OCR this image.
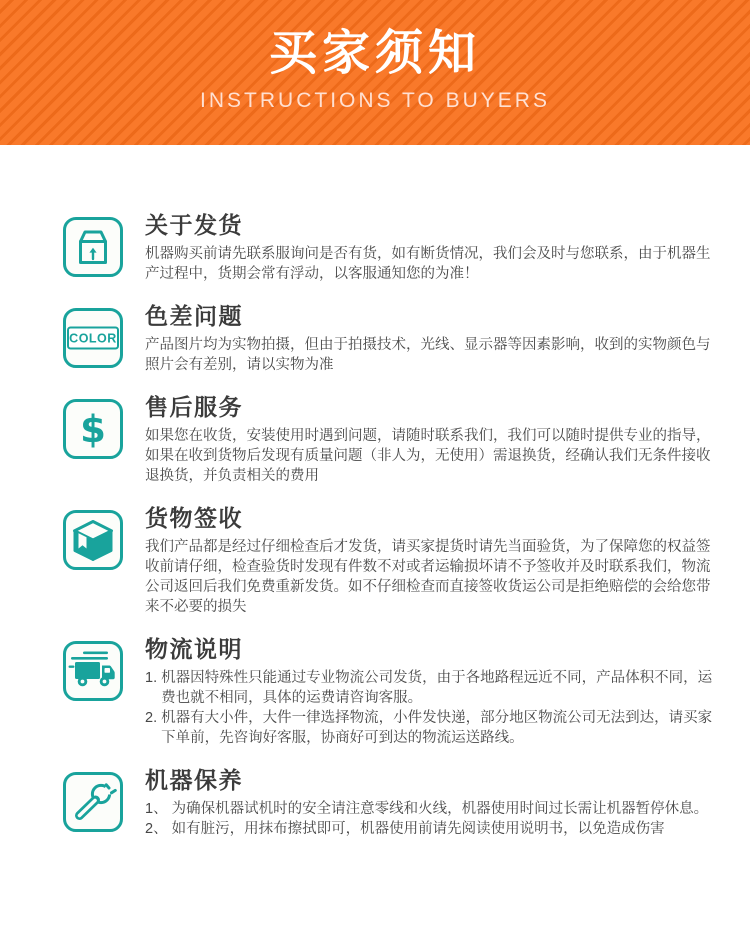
买家须知
INSTRUCTIONS TO BUYERS
关于发货

机器购买前请先联系服询问是否有货，如有断货情况，我们会及时与您联系，由于机器生产过程中，货期会常有浮动，以客服通知您的为准！

COLOR
色差问题

产品图片均为实物拍摄，但由于拍摄技术，光线、显示器等因素影响，收到的实物颜色与照片会有差别，请以实物为准

$
售后服务

如果您在收货，安装使用时遇到问题，请随时联系我们，我们可以随时提供专业的指导，如果在收到货物后发现有质量问题（非人为，无使用）需退换货，经确认我们无条件接收退换货，并负责相关的费用

货物签收

我们产品都是经过仔细检查后才发货，请买家提货时请先当面验货，为了保障您的权益签收前请仔细，检查验货时发现有件数不对或者运输损坏请不予签收并及时联系我们，物流公司返回后我们免费重新发货。如不仔细检查而直接签收货运公司是拒绝赔偿的会给您带来不必要的损失

物流说明
1. 机器因特殊性只能通过专业物流公司发货，由于各地路程远近不同，产品体积不同，运费也就不相同，具体的运费请咨询客服。
2. 机器有大小件，大件一律选择物流，小件发快递，部分地区物流公司无法到达，请买家下单前，先咨询好客服，协商好可到达的物流运送路线。
机器保养
1、 为确保机器试机时的安全请注意零线和火线，机器使用时间过长需让机器暂停休息。
2、 如有脏污，用抹布擦拭即可，机器使用前请先阅读使用说明书，以免造成伤害
